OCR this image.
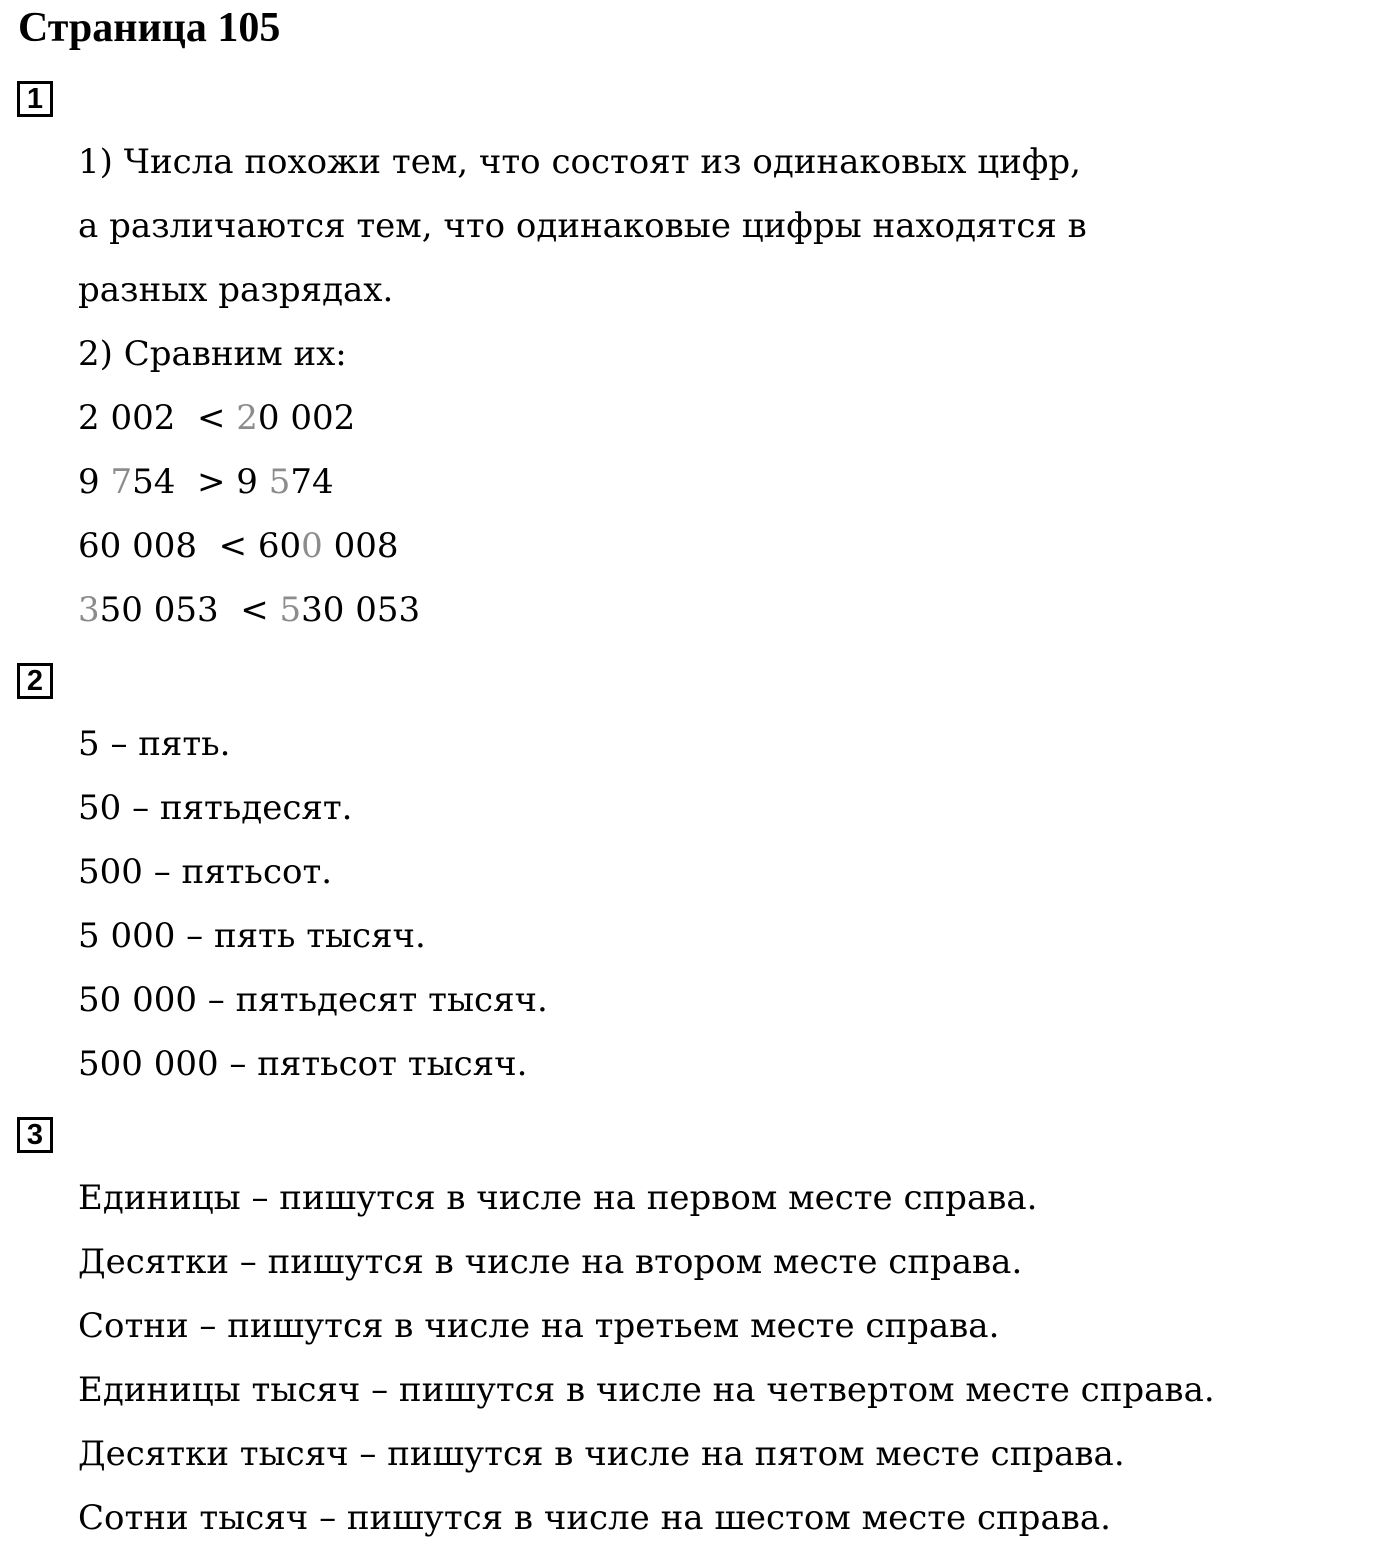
Страница 105
1

1) Числа похожи тем, что состоят из одинаковых цифр,

а различаются тем, что одинаковые цифры находятся в

разных разрядах.

2) Сравним их:

2 002  < 20 002

9 754  > 9 574

60 008  < 600 008

350 053  < 530 053

2

5 – пять.

50 – пятьдесят.

500 – пятьсот.

5 000 – пять тысяч.

50 000 – пятьдесят тысяч.

500 000 – пятьсот тысяч.

3

Единицы – пишутся в числе на первом месте справа.

Десятки – пишутся в числе на втором месте справа.

Сотни – пишутся в числе на третьем месте справа.

Единицы тысяч – пишутся в числе на четвертом месте справа.

Десятки тысяч – пишутся в числе на пятом месте справа.

Сотни тысяч – пишутся в числе на шестом месте справа.
